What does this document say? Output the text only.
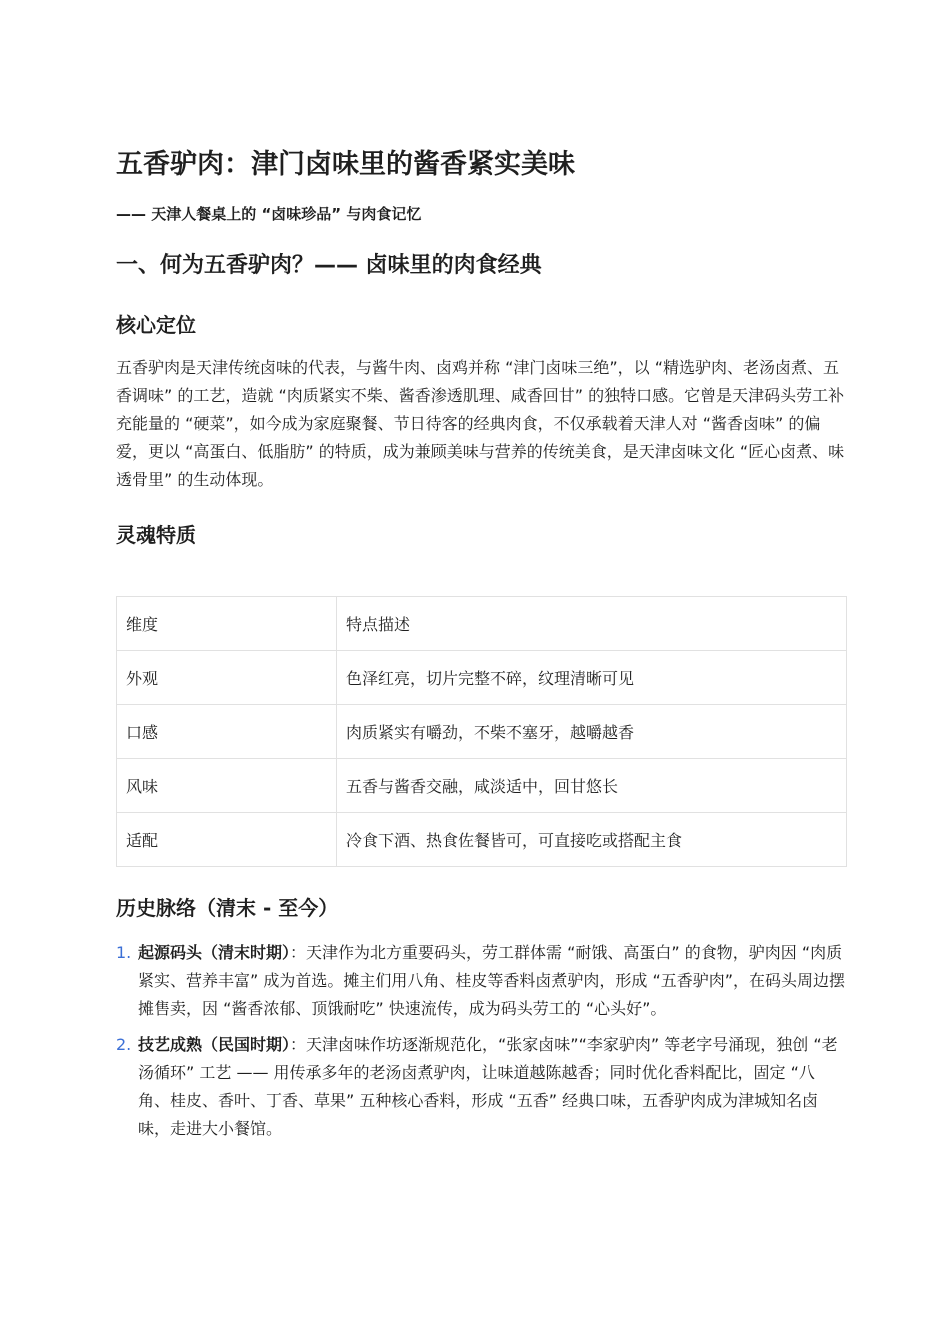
五香驴肉：津门卤味里的酱香紧实美味
—— 天津人餐桌上的 “卤味珍品” 与肉食记忆
一、何为五香驴肉？—— 卤味里的肉食经典
核心定位

五香驴肉是天津传统卤味的代表，与酱牛肉、卤鸡并称 “津门卤味三绝”，以 “精选驴肉、老汤卤煮、五香调味” 的工艺，造就 “肉质紧实不柴、酱香渗透肌理、咸香回甘” 的独特口感。它曾是天津码头劳工补充能量的 “硬菜”，如今成为家庭聚餐、节日待客的经典肉食，不仅承载着天津人对 “酱香卤味” 的偏爱，更以 “高蛋白、低脂肪” 的特质，成为兼顾美味与营养的传统美食，是天津卤味文化 “匠心卤煮、味透骨里” 的生动体现。

灵魂特质
维度	特点描述
外观	色泽红亮，切片完整不碎，纹理清晰可见
口感	肉质紧实有嚼劲，不柴不塞牙，越嚼越香
风味	五香与酱香交融，咸淡适中，回甘悠长
适配	冷食下酒、热食佐餐皆可，可直接吃或搭配主食
历史脉络（清末 - 至今）
1. 起源码头（清末时期）：天津作为北方重要码头，劳工群体需 “耐饿、高蛋白” 的食物，驴肉因 “肉质紧实、营养丰富” 成为首选。摊主们用八角、桂皮等香料卤煮驴肉，形成 “五香驴肉”，在码头周边摆摊售卖，因 “酱香浓郁、顶饿耐吃” 快速流传，成为码头劳工的 “心头好”。
2. 技艺成熟（民国时期）：天津卤味作坊逐渐规范化，“张家卤味”“李家驴肉” 等老字号涌现，独创 “老汤循环” 工艺 —— 用传承多年的老汤卤煮驴肉，让味道越陈越香；同时优化香料配比，固定 “八角、桂皮、香叶、丁香、草果” 五种核心香料，形成 “五香” 经典口味，五香驴肉成为津城知名卤味，走进大小餐馆。
